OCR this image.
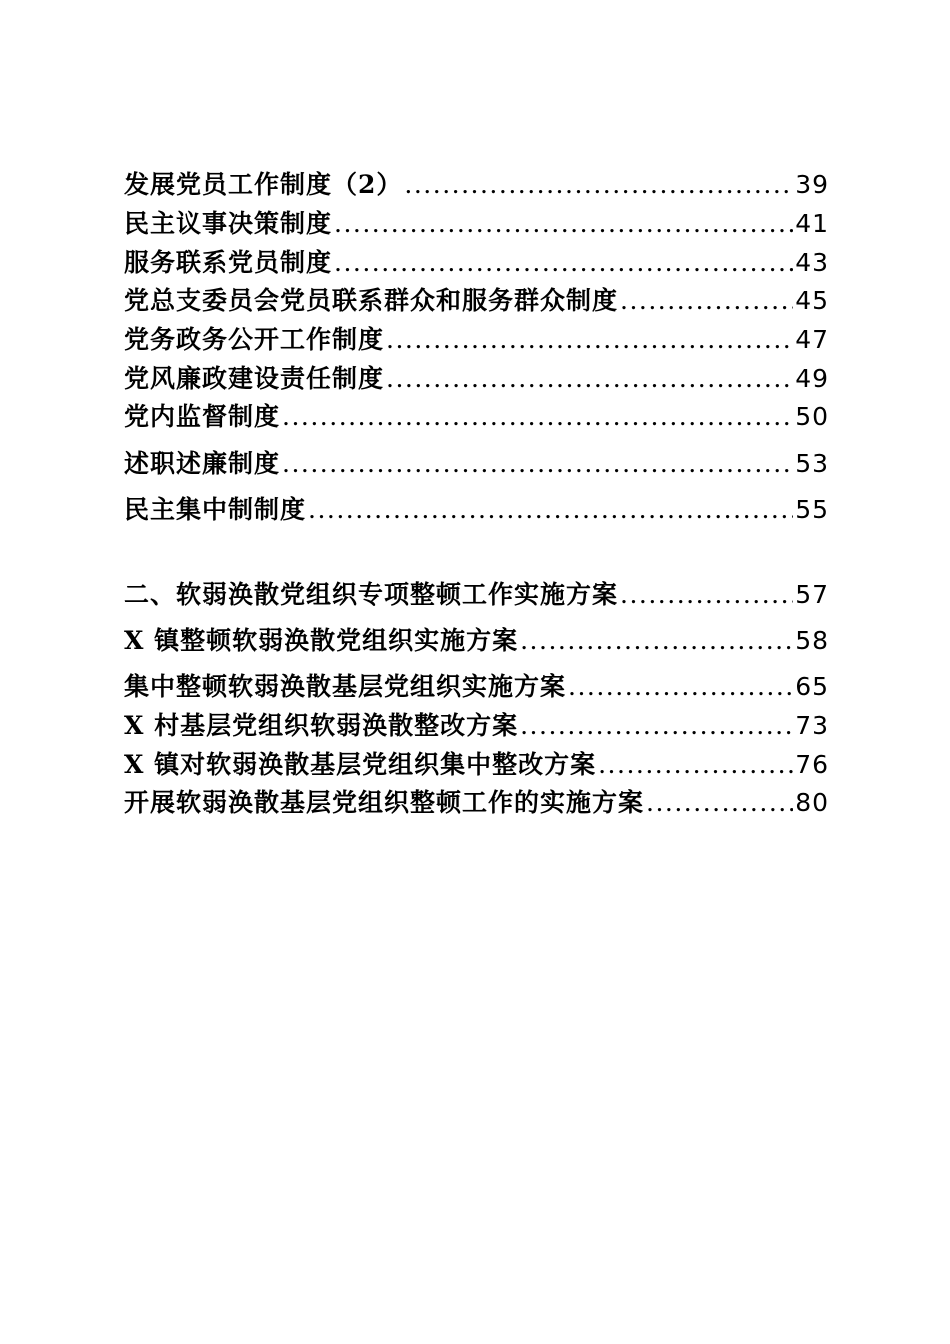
发展党员工作制度（2） .....	39
民主议事决策制度 .....	41
服务联系党员制度 .....	43
党总支委员会党员联系群众和服务群众制度 .....	45
党务政务公开工作制度 .....	47
党风廉政建设责任制度 .....	49
党内监督制度 .....	50
述职述廉制度 .....	53
民主集中制制度 .....	55
二、软弱涣散党组织专项整顿工作实施方案 .....	57
X 镇整顿软弱涣散党组织实施方案 .....	58
集中整顿软弱涣散基层党组织实施方案 .....	65
X 村基层党组织软弱涣散整改方案 .....	73
X 镇对软弱涣散基层党组织集中整改方案 .....	76
开展软弱涣散基层党组织整顿工作的实施方案 .....	80
